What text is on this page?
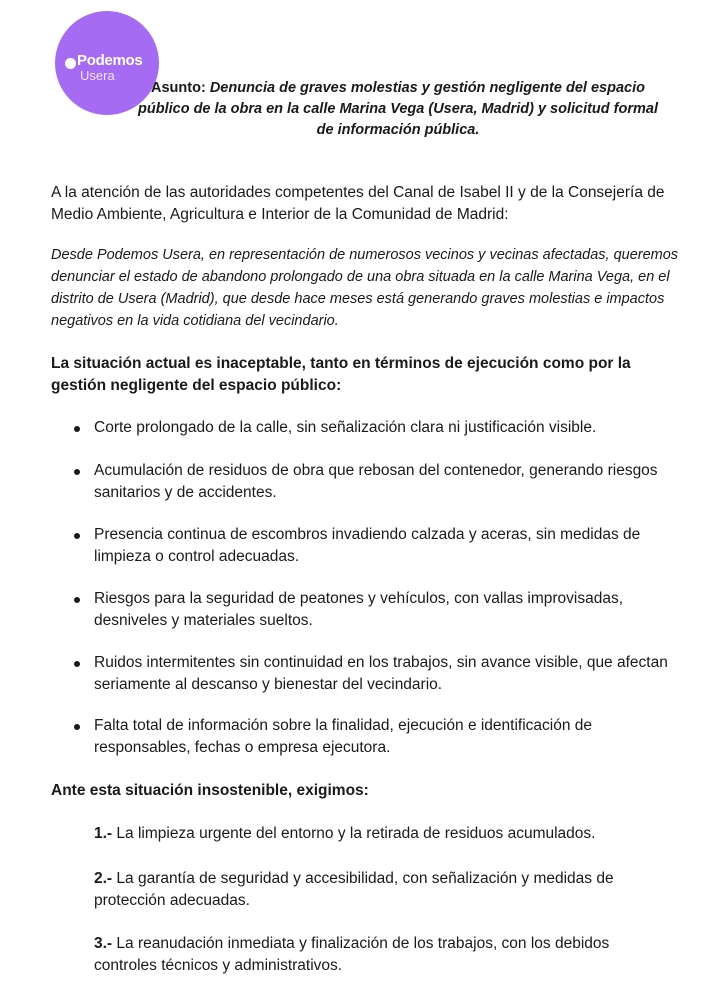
Podemos
Usera
Asunto: Denuncia de graves molestias y gestión negligente del espacio público de la obra en la calle Marina Vega (Usera, Madrid) y solicitud formal de información pública.

A la atención de las autoridades competentes del Canal de Isabel II y de la Consejería de Medio Ambiente, Agricultura e Interior de la Comunidad de Madrid:

Desde Podemos Usera, en representación de numerosos vecinos y vecinas afectadas, queremos denunciar el estado de abandono prolongado de una obra situada en la calle Marina Vega, en el distrito de Usera (Madrid), que desde hace meses está generando graves molestias e impactos negativos en la vida cotidiana del vecindario.

La situación actual es inaceptable, tanto en términos de ejecución como por la gestión negligente del espacio público:

Corte prolongado de la calle, sin señalización clara ni justificación visible.
Acumulación de residuos de obra que rebosan del contenedor, generando riesgos sanitarios y de accidentes.
Presencia continua de escombros invadiendo calzada y aceras, sin medidas de limpieza o control adecuadas.
Riesgos para la seguridad de peatones y vehículos, con vallas improvisadas, desniveles y materiales sueltos.
Ruidos intermitentes sin continuidad en los trabajos, sin avance visible, que afectan seriamente al descanso y bienestar del vecindario.
Falta total de información sobre la finalidad, ejecución e identificación de responsables, fechas o empresa ejecutora.

Ante esta situación insostenible, exigimos:

1.- La limpieza urgente del entorno y la retirada de residuos acumulados.
2.- La garantía de seguridad y accesibilidad, con señalización y medidas de protección adecuadas.
3.- La reanudación inmediata y finalización de los trabajos, con los debidos controles técnicos y administrativos.
